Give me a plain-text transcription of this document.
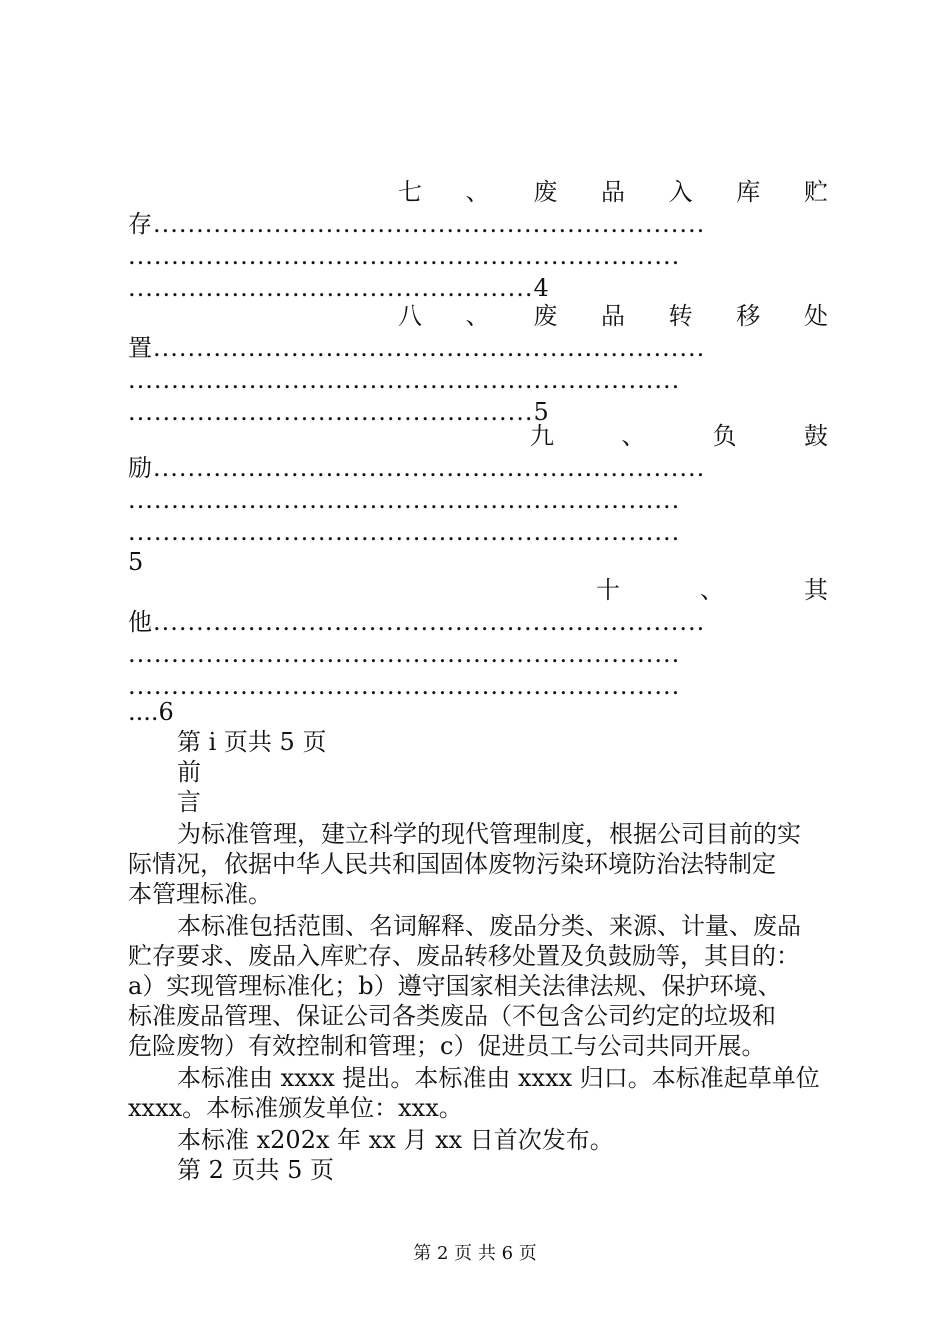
七 、 废 品 入 库 贮
存................................................................
................................................................
...............................................4
八 、 废 品 转 移 处
置................................................................
................................................................
...............................................5
九	、	负	鼓
励................................................................
................................................................
................................................................
5
十	、	其
他................................................................
................................................................
................................................................
....6
第 i 页共 5 页
前
言
为标准管理，建立科学的现代管理制度，根据公司目前的实
际情况，依据中华人民共和国固体废物污染环境防治法特制定
本管理标准。
本标准包括范围、名词解释、废品分类、来源、计量、废品
贮存要求、废品入库贮存、废品转移处置及负鼓励等，其目的：
a）实现管理标准化；b）遵守国家相关法律法规、保护环境、
标准废品管理、保证公司各类废品（不包含公司约定的垃圾和
危险废物）有效控制和管理；c）促进员工与公司共同开展。
本标准由 xxxx 提出。本标准由 xxxx 归口。本标准起草单位
xxxx。本标准颁发单位：xxx。
本标准 x202x 年 xx 月 xx 日首次发布。
第 2 页共 5 页
第 2 页 共 6 页
